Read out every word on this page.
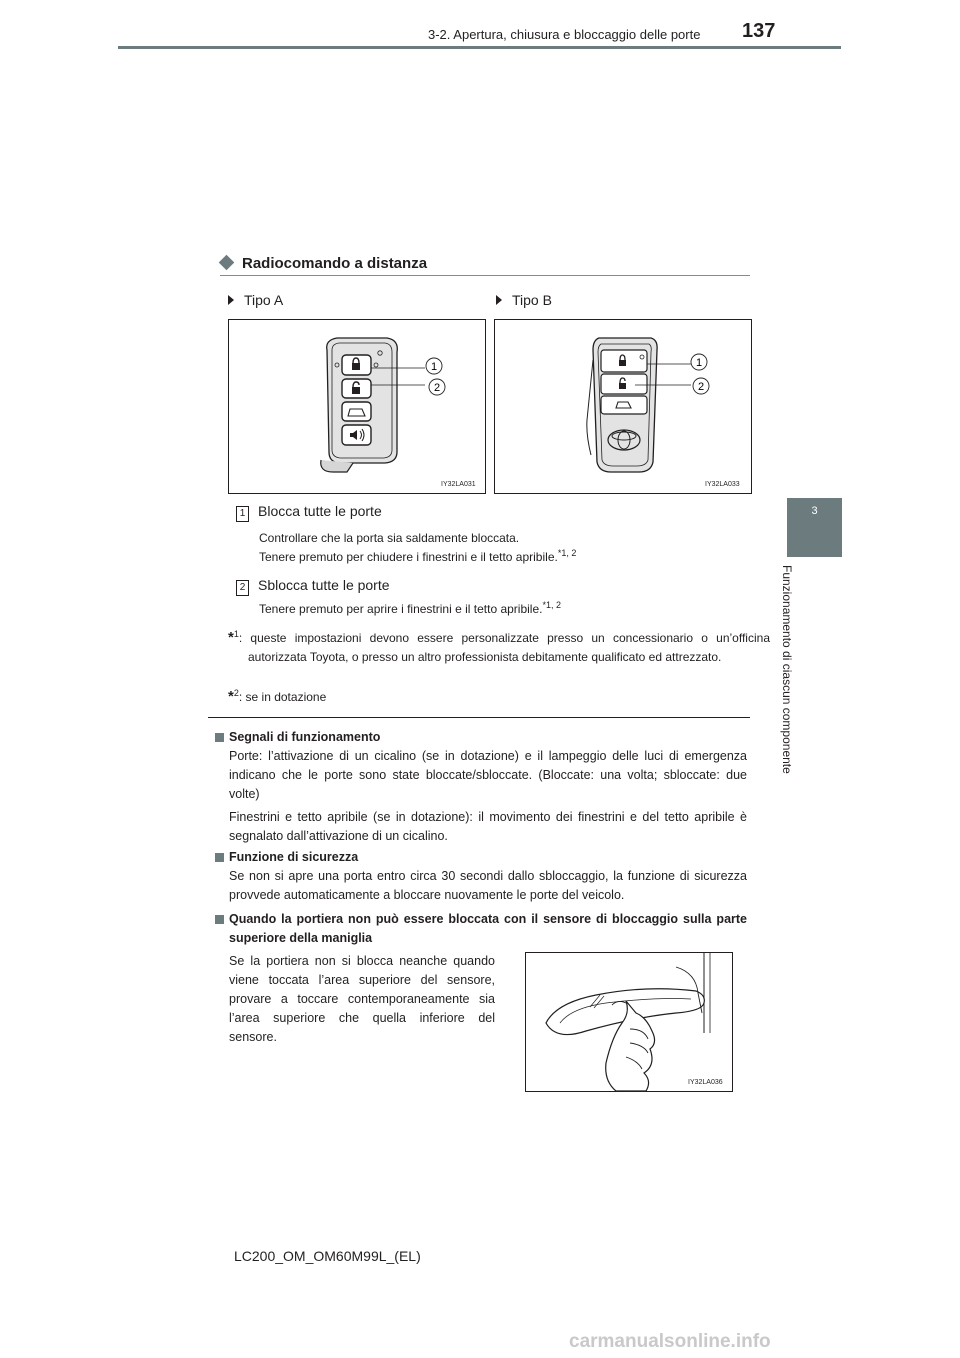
3-2. Apertura, chiusura e bloccaggio delle porte 137
3
Funzionamento di ciascun componente
Radiocomando a distanza
Tipo A	Tipo B
1
2
IY32LA031
1
2
IY32LA033
1 Blocca tutte le porte
Controllare che la porta sia saldamente bloccata.
Tenere premuto per chiudere i finestrini e il tetto apribile.$^{*1, 2}$
2 Sblocca tutte le porte
Tenere premuto per aprire i finestrini e il tetto apribile.$^{*1, 2}$
*$^1$: queste impostazioni devono essere personalizzate presso un concessionario o un’officina autorizzata Toyota, o presso un altro professionista debitamente qualificato ed attrezzato.
*$^2$: se in dotazione
Segnali di funzionamento

Porte: l’attivazione di un cicalino (se in dotazione) e il lampeggio delle luci di emergenza indicano che le porte sono state bloccate/sbloccate. (Bloccate: una volta; sbloccate: due volte)

Finestrini e tetto apribile (se in dotazione): il movimento dei finestrini e del tetto apribile è segnalato dall’attivazione di un cicalino.

Funzione di sicurezza

Se non si apre una porta entro circa 30 secondi dallo sbloccaggio, la funzione di sicurezza provvede automaticamente a bloccare nuovamente le porte del veicolo.

Quando la portiera non può essere bloccata con il sensore di bloccaggio sulla parte superiore della maniglia

Se la portiera non si blocca neanche quando viene toccata l’area superiore del sensore, provare a toccare contemporaneamente sia l’area superiore che quella inferiore del sensore.

IY32LA036
LC200_OM_OM60M99L_(EL)
carmanualsonline.info
